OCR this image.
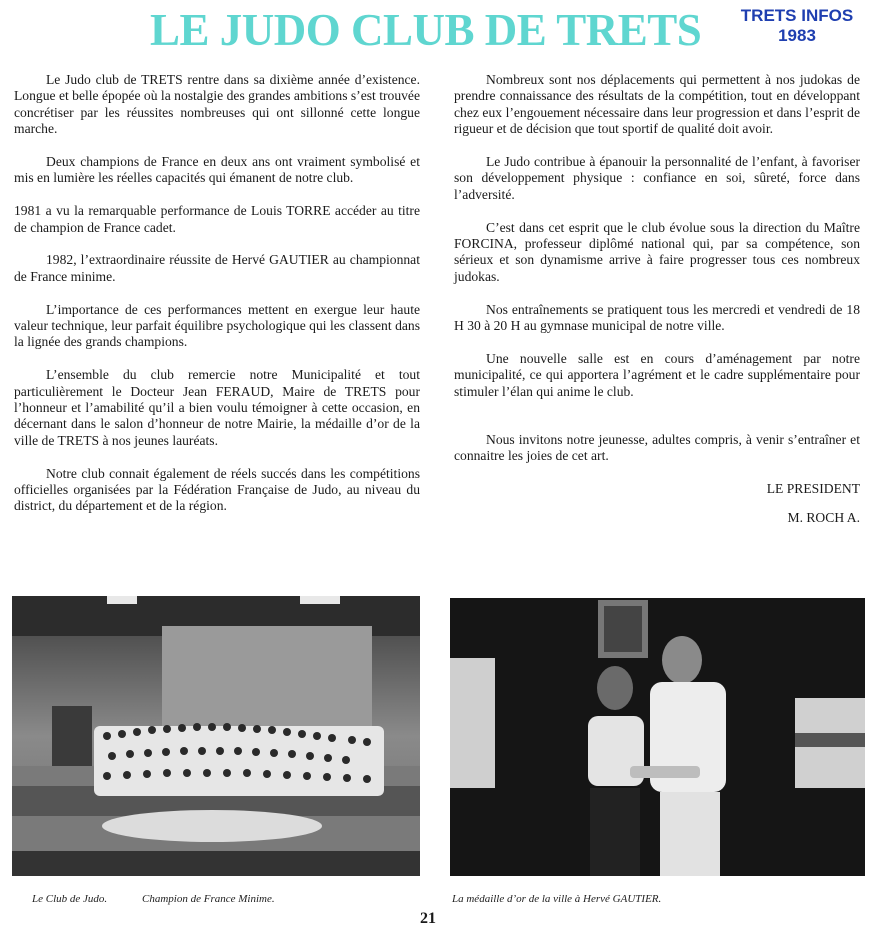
LE JUDO CLUB DE TRETS	TRETS INFOS
1983

Le Judo club de TRETS rentre dans sa dixième année d’existence. Longue et belle épopée où la nostalgie des grandes ambitions s’est trouvée concrétiser par les réussites nombreuses qui ont sillonné cette longue marche.

Deux champions de France en deux ans ont vraiment symbolisé et mis en lumière les réelles capacités qui émanent de notre club.

1981 a vu la remarquable performance de Louis TORRE accéder au titre de champion de France cadet.

1982, l’extraordinaire réussite de Hervé GAUTIER au championnat de France minime.

L’importance de ces performances mettent en exergue leur haute valeur technique, leur parfait équilibre psychologique qui les classent dans la lignée des grands champions.

L’ensemble du club remercie notre Municipalité et tout particulièrement le Docteur Jean FERAUD, Maire de TRETS pour l’honneur et l’amabilité qu’il a bien voulu témoigner à cette occasion, en décernant dans le salon d’honneur de notre Mairie, la médaille d’or de la ville de TRETS à nos jeunes lauréats.

Notre club connait également de réels succés dans les compétitions officielles organisées par la Fédération Française de Judo, au niveau du district, du département et de la région.

Nombreux sont nos déplacements qui permettent à nos judokas de prendre connaissance des résultats de la compétition, tout en développant chez eux l’engouement nécessaire dans leur progression et dans l’esprit de rigueur et de décision que tout sportif de qualité doit avoir.

Le Judo contribue à épanouir la personnalité de l’enfant, à favoriser son développement physique : confiance en soi, sûreté, force dans l’adversité.

C’est dans cet esprit que le club évolue sous la direction du Maître FORCINA, professeur diplômé national qui, par sa compétence, son sérieux et son dynamisme arrive à faire progresser tous ces nombreux judokas.

Nos entraînements se pratiquent tous les mercredi et vendredi de 18 H 30 à 20 H au gymnase municipal de notre ville.

Une nouvelle salle est en cours d’aménagement par notre municipalité, ce qui apportera l’agrément et le cadre supplémentaire pour stimuler l’élan qui anime le club.

Nous invitons notre jeunesse, adultes compris, à venir s’entraîner et connaitre les joies de cet art.

LE PRESIDENT

M. ROCH A.

Le Club de Judo.	Champion de France Minime.	La médaille d’or de la ville à Hervé GAUTIER.
21
